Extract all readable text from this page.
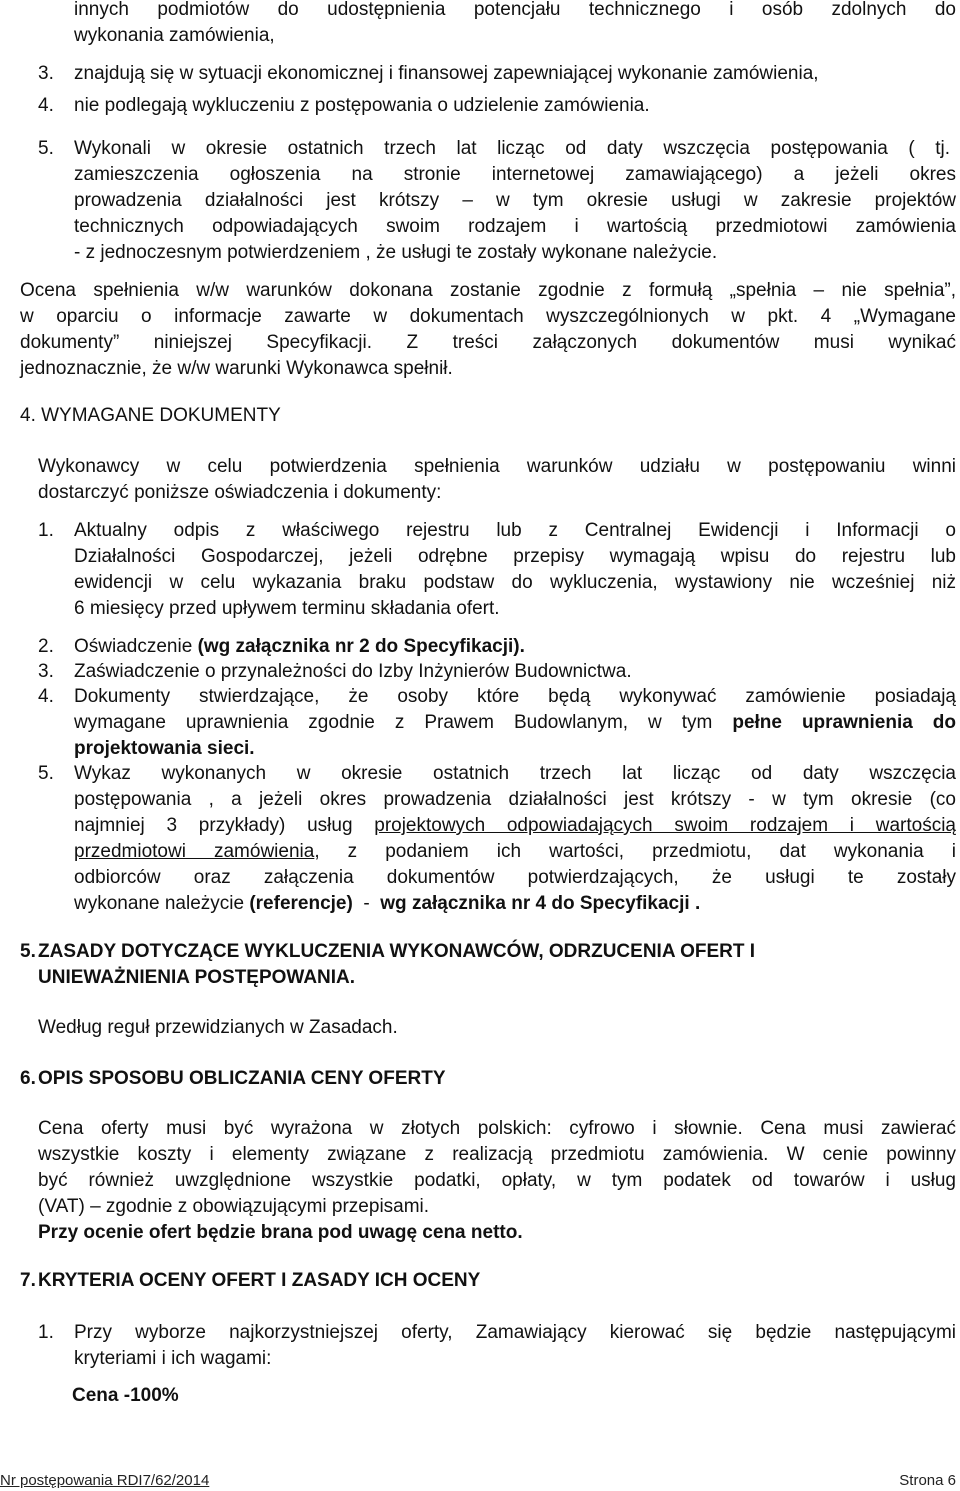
innych podmiotów do udostępnienia potencjału technicznego i osób zdolnych do
wykonania zamówienia,
3. znajdują się w sytuacji ekonomicznej i finansowej zapewniającej wykonanie zamówienia,
4. nie podlegają wykluczeniu z postępowania o udzielenie zamówienia.
5. Wykonali w okresie ostatnich trzech lat licząc od daty wszczęcia postępowania ( tj.
zamieszczenia ogłoszenia na stronie internetowej zamawiającego) a jeżeli okres
prowadzenia działalności jest krótszy – w tym okresie usługi w zakresie projektów
technicznych odpowiadających swoim rodzajem i wartością przedmiotowi zamówienia
- z jednoczesnym potwierdzeniem , że usługi te zostały wykonane należycie.
Ocena spełnienia w/w warunków dokonana zostanie zgodnie z formułą „spełnia – nie spełnia”,
w oparciu o informacje zawarte w dokumentach wyszczególnionych w pkt. 4 „Wymagane
dokumenty” niniejszej Specyfikacji. Z treści załączonych dokumentów musi wynikać
jednoznacznie, że w/w warunki Wykonawca spełnił.
4. WYMAGANE DOKUMENTY
Wykonawcy w celu potwierdzenia spełnienia warunków udziału w postępowaniu winni
dostarczyć poniższe oświadczenia i dokumenty:
1. Aktualny odpis z właściwego rejestru lub z Centralnej Ewidencji i Informacji o
Działalności Gospodarczej, jeżeli odrębne przepisy wymagają wpisu do rejestru lub
ewidencji w celu wykazania braku podstaw do wykluczenia, wystawiony nie wcześniej niż
6 miesięcy przed upływem terminu składania ofert.
2. Oświadczenie (wg załącznika nr 2 do Specyfikacji).
3. Zaświadczenie o przynależności do Izby Inżynierów Budownictwa.
4. Dokumenty stwierdzające, że osoby które będą wykonywać zamówienie posiadają
wymagane uprawnienia zgodnie z Prawem Budowlanym, w tym pełne uprawnienia do
projektowania sieci.
5. Wykaz wykonanych w okresie ostatnich trzech lat licząc od daty wszczęcia
postępowania , a jeżeli okres prowadzenia działalności jest krótszy - w tym okresie (co
najmniej 3 przykłady) usług projektowych odpowiadających swoim rodzajem i wartością
przedmiotowi zamówienia, z podaniem ich wartości, przedmiotu, dat wykonania i
odbiorców oraz załączenia dokumentów potwierdzających, że usługi te zostały
wykonane należycie (referencje)  -  wg załącznika nr 4 do Specyfikacji .
5. ZASADY DOTYCZĄCE WYKLUCZENIA WYKONAWCÓW, ODRZUCENIA OFERT I
UNIEWAŻNIENIA POSTĘPOWANIA.
Według reguł przewidzianych w Zasadach.
6. OPIS SPOSOBU OBLICZANIA CENY OFERTY
Cena oferty musi być wyrażona w złotych polskich: cyfrowo i słownie. Cena musi zawierać
wszystkie koszty i elementy związane z realizacją przedmiotu zamówienia. W cenie powinny
być również uwzględnione wszystkie podatki, opłaty, w tym podatek od towarów i usług
(VAT) – zgodnie z obowiązującymi przepisami.
Przy ocenie ofert będzie brana pod uwagę cena netto.
7. KRYTERIA OCENY OFERT I ZASADY ICH OCENY
1. Przy wyborze najkorzystniejszej oferty, Zamawiający kierować się będzie następującymi
kryteriami i ich wagami:
Cena -100%
Nr postępowania RDI7/62/2014	Strona 6
